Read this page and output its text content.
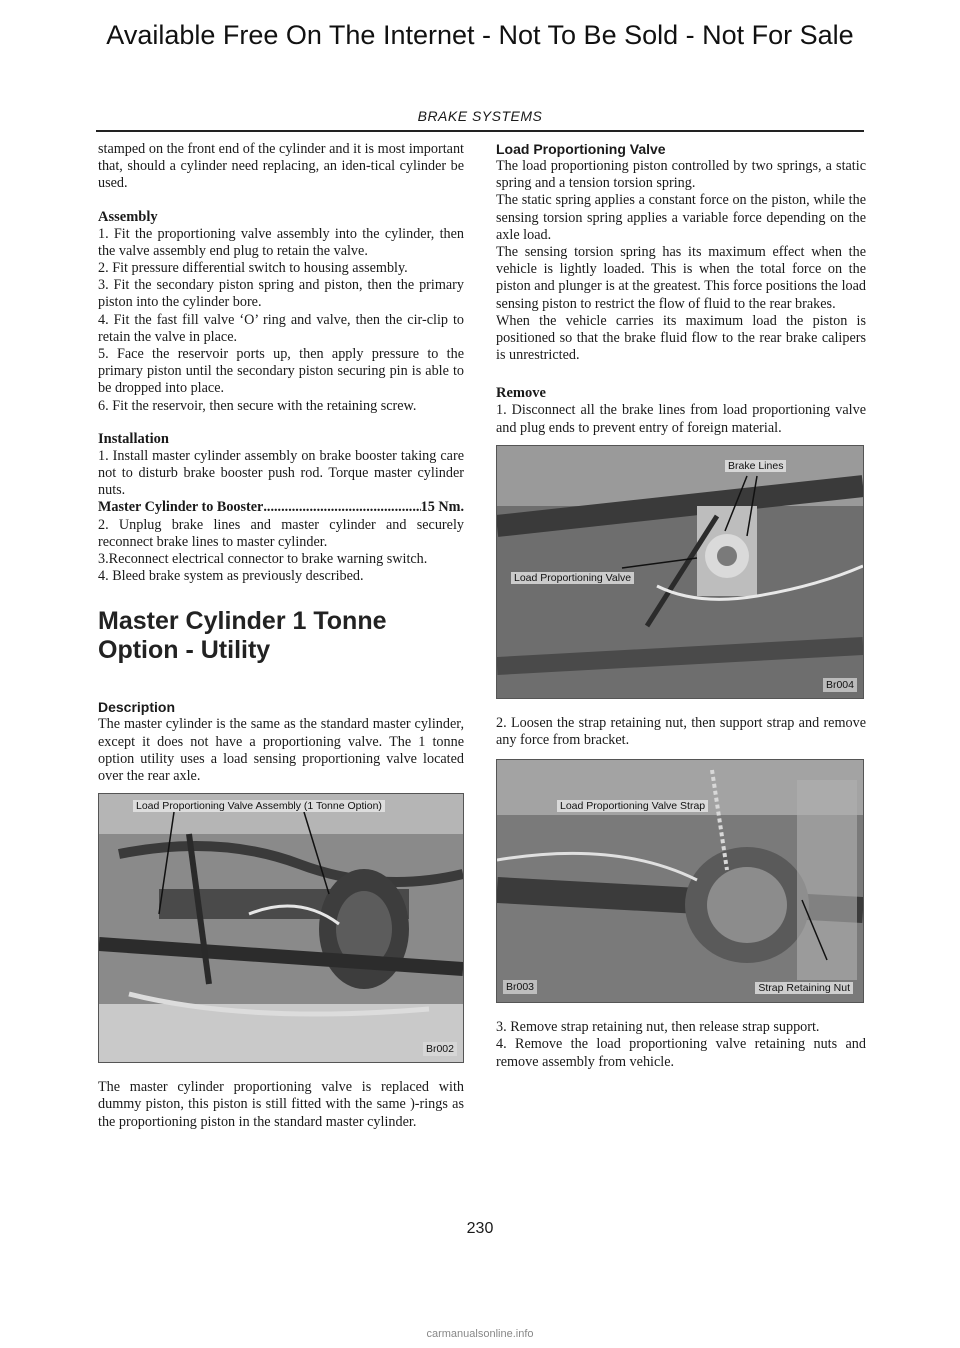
Available Free On The Internet - Not To Be Sold - Not For Sale
BRAKE SYSTEMS

stamped on the front end of the cylinder and it is most important that, should a cylinder need replacing, an iden-tical cylinder be used.

Assembly

1. Fit the proportioning valve assembly into the cylinder, then the valve assembly end plug to retain the valve.

2. Fit pressure differential switch to housing assembly.

3. Fit the secondary piston spring and piston, then the primary piston into the cylinder bore.

4. Fit the fast fill valve ‘O’ ring and valve, then the cir-clip to retain the valve in place.

5. Face the reservoir ports up, then apply pressure to the primary piston until the secondary piston securing pin is able to be dropped into place.

6. Fit the reservoir, then secure with the retaining screw.

Installation

1. Install master cylinder assembly on brake booster taking care not to disturb brake booster push rod. Torque master cylinder nuts.

Master Cylinder to Booster
.....	15 Nm.

2. Unplug brake lines and master cylinder and securely reconnect brake lines to master cylinder.

3.Reconnect electrical connector to brake warning switch.

4. Bleed brake system as previously described.

Master Cylinder 1 Tonne
Option - Utility
Description

The master cylinder is the same as the standard master cylinder, except it does not have a proportioning valve. The 1 tonne option utility uses a load sensing proportioning valve located over the rear axle.

Load Proportioning Valve Assembly (1 Tonne Option)
Br002

The master cylinder proportioning valve is replaced with dummy piston, this piston is still fitted with the same )-rings as the proportioning piston in the standard master cylinder.

Load Proportioning Valve

The load proportioning piston controlled by two springs, a static spring and a tension torsion spring.

The static spring applies a constant force on the piston, while the sensing torsion spring applies a variable force depending on the axle load.

The sensing torsion spring has its maximum effect when the vehicle is lightly loaded. This is when the total force on the piston and plunger is at the greatest. This force positions the load sensing piston to restrict the flow of fluid to the rear brakes.

When the vehicle carries its maximum load the piston is positioned so that the brake fluid flow to the rear brake calipers is unrestricted.

Remove

1. Disconnect all the brake lines from load proportioning valve and plug ends to prevent entry of foreign material.

Brake Lines
Load Proportioning Valve
Br004

2. Loosen the strap retaining nut, then support strap and remove any force from bracket.

Load Proportioning Valve Strap
Strap Retaining Nut
Br003

3. Remove strap retaining nut, then release strap support.

4. Remove the load proportioning valve retaining nuts and remove assembly from vehicle.

230
carmanualsonline.info
